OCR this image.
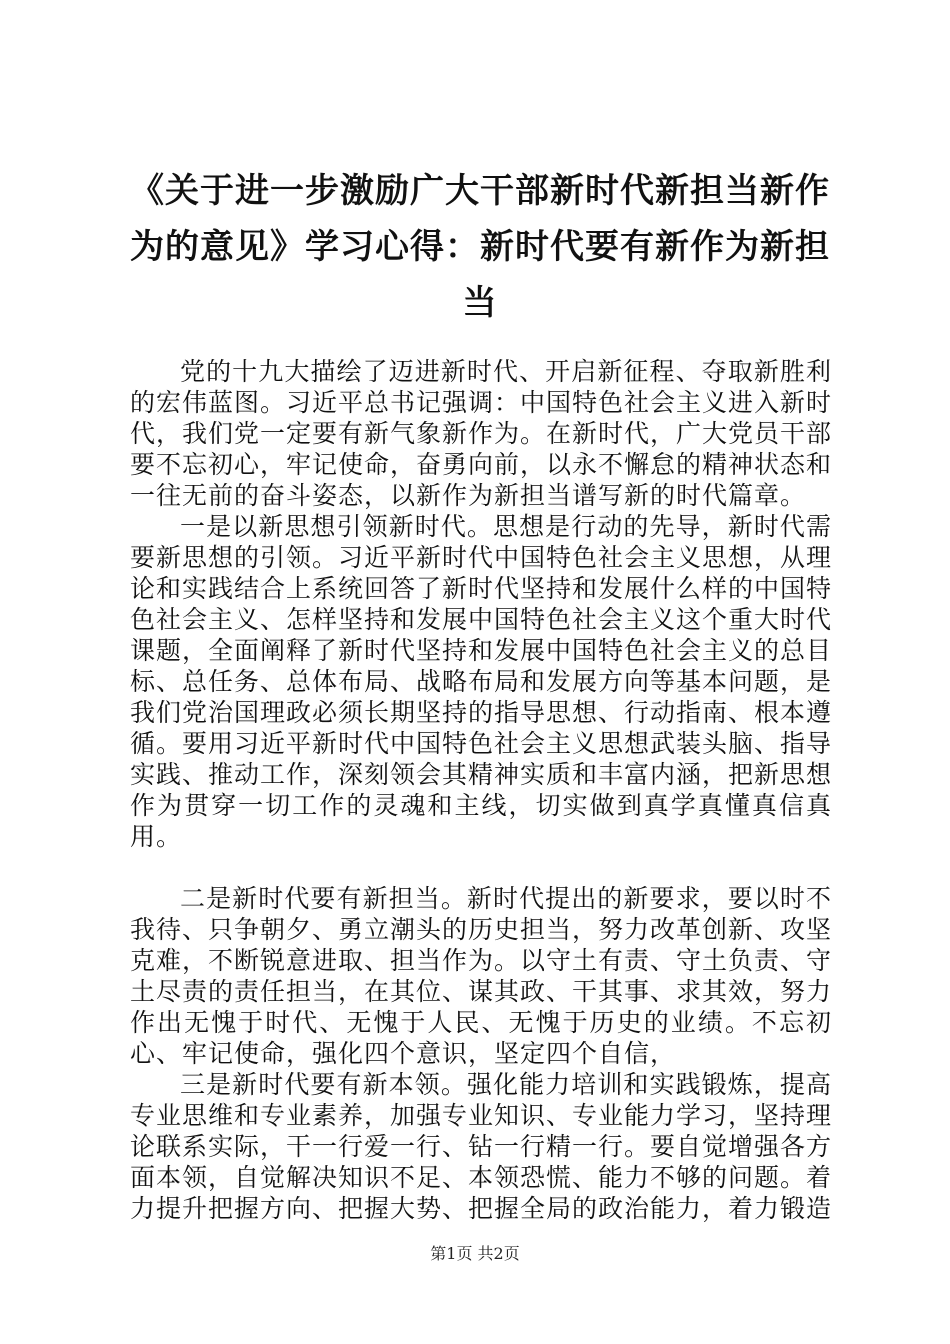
《关于进一步激励广大干部新时代新担当新作为的意见》学习心得：新时代要有新作为新担当

党的十九大描绘了迈进新时代、开启新征程、夺取新胜利的宏伟蓝图。习近平总书记强调：中国特色社会主义进入新时代，我们党一定要有新气象新作为。在新时代，广大党员干部要不忘初心，牢记使命，奋勇向前，以永不懈怠的精神状态和一往无前的奋斗姿态，以新作为新担当谱写新的时代篇章。

一是以新思想引领新时代。思想是行动的先导，新时代需要新思想的引领。习近平新时代中国特色社会主义思想，从理论和实践结合上系统回答了新时代坚持和发展什么样的中国特色社会主义、怎样坚持和发展中国特色社会主义这个重大时代课题，全面阐释了新时代坚持和发展中国特色社会主义的总目标、总任务、总体布局、战略布局和发展方向等基本问题，是我们党治国理政必须长期坚持的指导思想、行动指南、根本遵循。要用习近平新时代中国特色社会主义思想武装头脑、指导实践、推动工作，深刻领会其精神实质和丰富内涵，把新思想作为贯穿一切工作的灵魂和主线，切实做到真学真懂真信真用。

二是新时代要有新担当。新时代提出的新要求，要以时不我待、只争朝夕、勇立潮头的历史担当，努力改革创新、攻坚克难，不断锐意进取、担当作为。以守土有责、守土负责、守土尽责的责任担当，在其位、谋其政、干其事、求其效，努力作出无愧于时代、无愧于人民、无愧于历史的业绩。不忘初心、牢记使命，强化四个意识，坚定四个自信，

三是新时代要有新本领。强化能力培训和实践锻炼，提高专业思维和专业素养，加强专业知识、专业能力学习，坚持理论联系实际，干一行爱一行、钻一行精一行。要自觉增强各方面本领，自觉解决知识不足、本领恐慌、能力不够的问题。着力提升把握方向、把握大势、把握全局的政治能力，着力锻造

第1页 共2页
